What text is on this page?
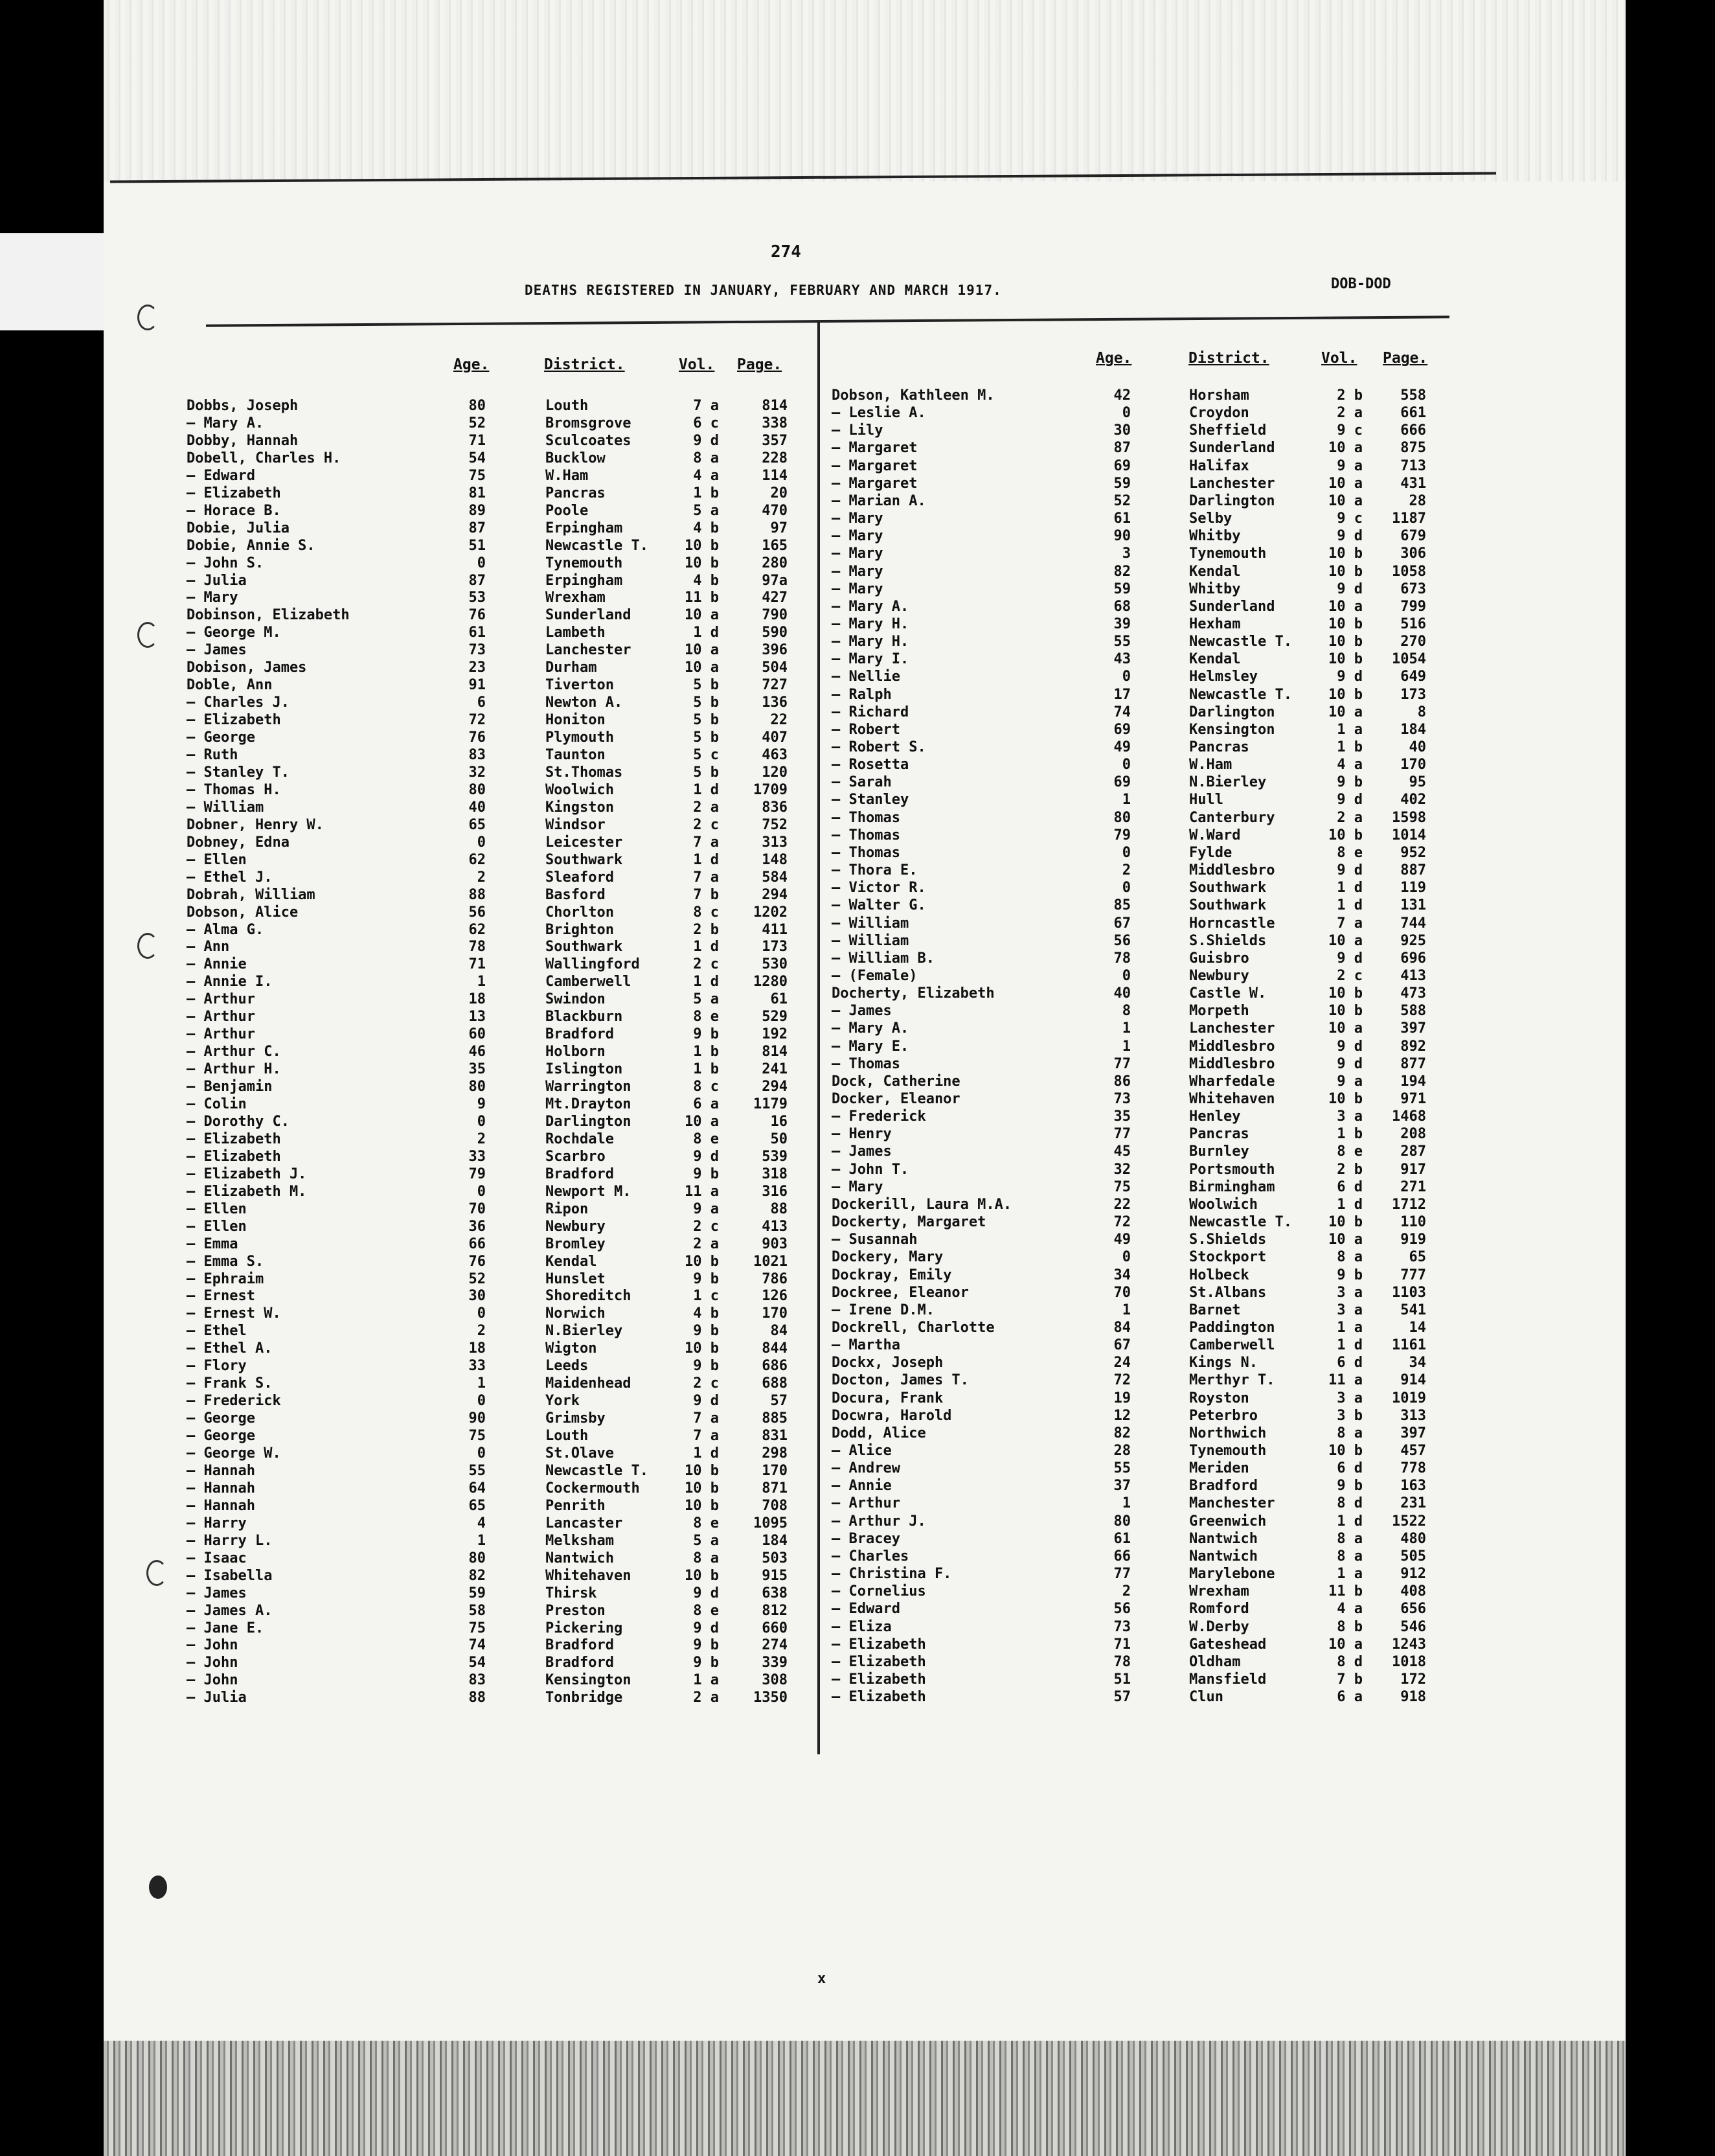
274
DEATHS REGISTERED IN JANUARY, FEBRUARY AND MARCH 1917.	DOB-DOD
Age.	District.	Vol. Page.	Age.	District.	Vol. Page.
Dobbs, Joseph	80	Louth	7 a	814
— Mary A.	52	Bromsgrove	6 c	338
Dobby, Hannah	71	Sculcoates	9 d	357
Dobell, Charles H.	54	Bucklow	8 a	228
— Edward	75	W.Ham	4 a	114
— Elizabeth	81	Pancras	1 b	20
— Horace B.	89	Poole	5 a	470
Dobie, Julia	87	Erpingham	4 b	97
Dobie, Annie S.	51	Newcastle T.	10 b	165
— John S.	0	Tynemouth	10 b	280
— Julia	87	Erpingham	4 b	97a
— Mary	53	Wrexham	11 b	427
Dobinson, Elizabeth	76	Sunderland	10 a	790
— George M.	61	Lambeth	1 d	590
— James	73	Lanchester	10 a	396
Dobison, James	23	Durham	10 a	504
Doble, Ann	91	Tiverton	5 b	727
— Charles J.	6	Newton A.	5 b	136
— Elizabeth	72	Honiton	5 b	22
— George	76	Plymouth	5 b	407
— Ruth	83	Taunton	5 c	463
— Stanley T.	32	St.Thomas	5 b	120
— Thomas H.	80	Woolwich	1 d	1709
— William	40	Kingston	2 a	836
Dobner, Henry W.	65	Windsor	2 c	752
Dobney, Edna	0	Leicester	7 a	313
— Ellen	62	Southwark	1 d	148
— Ethel J.	2	Sleaford	7 a	584
Dobrah, William	88	Basford	7 b	294
Dobson, Alice	56	Chorlton	8 c	1202
— Alma G.	62	Brighton	2 b	411
— Ann	78	Southwark	1 d	173
— Annie	71	Wallingford	2 c	530
— Annie I.	1	Camberwell	1 d	1280
— Arthur	18	Swindon	5 a	61
— Arthur	13	Blackburn	8 e	529
— Arthur	60	Bradford	9 b	192
— Arthur C.	46	Holborn	1 b	814
— Arthur H.	35	Islington	1 b	241
— Benjamin	80	Warrington	8 c	294
— Colin	9	Mt.Drayton	6 a	1179
— Dorothy C.	0	Darlington	10 a	16
— Elizabeth	2	Rochdale	8 e	50
— Elizabeth	33	Scarbro	9 d	539
— Elizabeth J.	79	Bradford	9 b	318
— Elizabeth M.	0	Newport M.	11 a	316
— Ellen	70	Ripon	9 a	88
— Ellen	36	Newbury	2 c	413
— Emma	66	Bromley	2 a	903
— Emma S.	76	Kendal	10 b	1021
— Ephraim	52	Hunslet	9 b	786
— Ernest	30	Shoreditch	1 c	126
— Ernest W.	0	Norwich	4 b	170
— Ethel	2	N.Bierley	9 b	84
— Ethel A.	18	Wigton	10 b	844
— Flory	33	Leeds	9 b	686
— Frank S.	1	Maidenhead	2 c	688
— Frederick	0	York	9 d	57
— George	90	Grimsby	7 a	885
— George	75	Louth	7 a	831
— George W.	0	St.Olave	1 d	298
— Hannah	55	Newcastle T.	10 b	170
— Hannah	64	Cockermouth	10 b	871
— Hannah	65	Penrith	10 b	708
— Harry	4	Lancaster	8 e	1095
— Harry L.	1	Melksham	5 a	184
— Isaac	80	Nantwich	8 a	503
— Isabella	82	Whitehaven	10 b	915
— James	59	Thirsk	9 d	638
— James A.	58	Preston	8 e	812
— Jane E.	75	Pickering	9 d	660
— John	74	Bradford	9 b	274
— John	54	Bradford	9 b	339
— John	83	Kensington	1 a	308
— Julia	88	Tonbridge	2 a	1350
Dobson, Kathleen M.	42	Horsham	2 b	558
— Leslie A.	0	Croydon	2 a	661
— Lily	30	Sheffield	9 c	666
— Margaret	87	Sunderland	10 a	875
— Margaret	69	Halifax	9 a	713
— Margaret	59	Lanchester	10 a	431
— Marian A.	52	Darlington	10 a	28
— Mary	61	Selby	9 c	1187
— Mary	90	Whitby	9 d	679
— Mary	3	Tynemouth	10 b	306
— Mary	82	Kendal	10 b	1058
— Mary	59	Whitby	9 d	673
— Mary A.	68	Sunderland	10 a	799
— Mary H.	39	Hexham	10 b	516
— Mary H.	55	Newcastle T.	10 b	270
— Mary I.	43	Kendal	10 b	1054
— Nellie	0	Helmsley	9 d	649
— Ralph	17	Newcastle T.	10 b	173
— Richard	74	Darlington	10 a	8
— Robert	69	Kensington	1 a	184
— Robert S.	49	Pancras	1 b	40
— Rosetta	0	W.Ham	4 a	170
— Sarah	69	N.Bierley	9 b	95
— Stanley	1	Hull	9 d	402
— Thomas	80	Canterbury	2 a	1598
— Thomas	79	W.Ward	10 b	1014
— Thomas	0	Fylde	8 e	952
— Thora E.	2	Middlesbro	9 d	887
— Victor R.	0	Southwark	1 d	119
— Walter G.	85	Southwark	1 d	131
— William	67	Horncastle	7 a	744
— William	56	S.Shields	10 a	925
— William B.	78	Guisbro	9 d	696
— (Female)	0	Newbury	2 c	413
Docherty, Elizabeth	40	Castle W.	10 b	473
— James	8	Morpeth	10 b	588
— Mary A.	1	Lanchester	10 a	397
— Mary E.	1	Middlesbro	9 d	892
— Thomas	77	Middlesbro	9 d	877
Dock, Catherine	86	Wharfedale	9 a	194
Docker, Eleanor	73	Whitehaven	10 b	971
— Frederick	35	Henley	3 a	1468
— Henry	77	Pancras	1 b	208
— James	45	Burnley	8 e	287
— John T.	32	Portsmouth	2 b	917
— Mary	75	Birmingham	6 d	271
Dockerill, Laura M.A.	22	Woolwich	1 d	1712
Dockerty, Margaret	72	Newcastle T.	10 b	110
— Susannah	49	S.Shields	10 a	919
Dockery, Mary	0	Stockport	8 a	65
Dockray, Emily	34	Holbeck	9 b	777
Dockree, Eleanor	70	St.Albans	3 a	1103
— Irene D.M.	1	Barnet	3 a	541
Dockrell, Charlotte	84	Paddington	1 a	14
— Martha	67	Camberwell	1 d	1161
Dockx, Joseph	24	Kings N.	6 d	34
Docton, James T.	72	Merthyr T.	11 a	914
Docura, Frank	19	Royston	3 a	1019
Docwra, Harold	12	Peterbro	3 b	313
Dodd, Alice	82	Northwich	8 a	397
— Alice	28	Tynemouth	10 b	457
— Andrew	55	Meriden	6 d	778
— Annie	37	Bradford	9 b	163
— Arthur	1	Manchester	8 d	231
— Arthur J.	80	Greenwich	1 d	1522
— Bracey	61	Nantwich	8 a	480
— Charles	66	Nantwich	8 a	505
— Christina F.	77	Marylebone	1 a	912
— Cornelius	2	Wrexham	11 b	408
— Edward	56	Romford	4 a	656
— Eliza	73	W.Derby	8 b	546
— Elizabeth	71	Gateshead	10 a	1243
— Elizabeth	78	Oldham	8 d	1018
— Elizabeth	51	Mansfield	7 b	172
— Elizabeth	57	Clun	6 a	918
x
